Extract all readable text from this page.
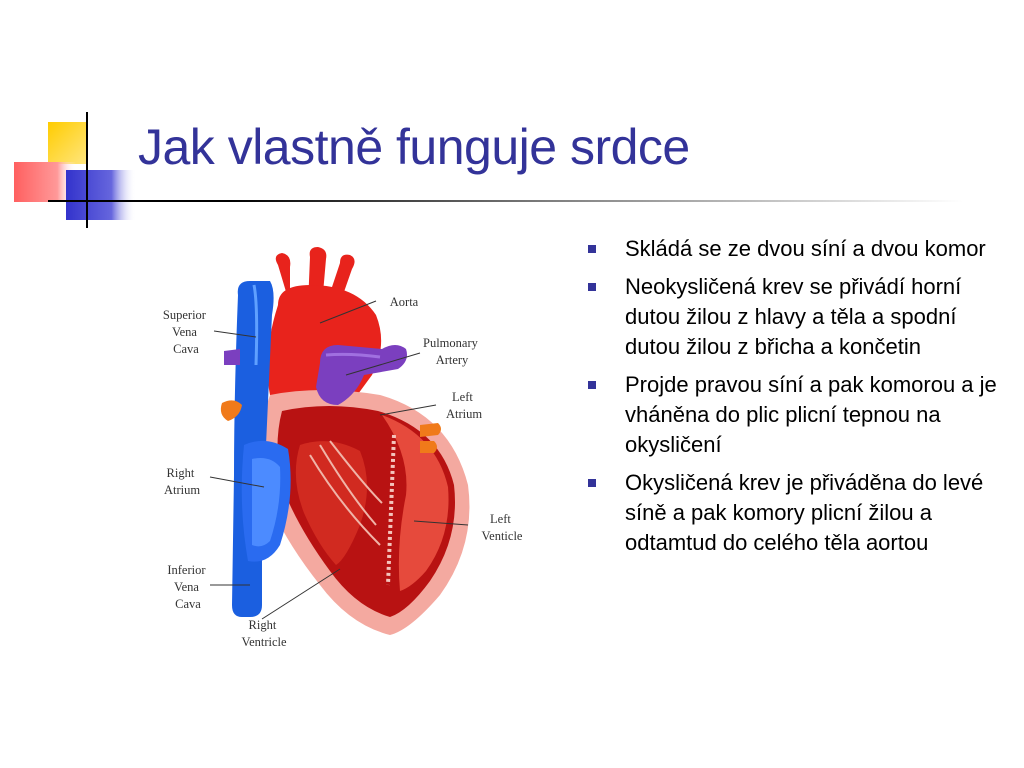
Jak vlastně funguje srdce
Superior Vena Cava
Aorta
Pulmonary Artery
Left Atrium
Right Atrium
Left Venticle
Inferior Vena Cava
Right Ventricle
Skládá se ze dvou síní a dvou komor
Neokysličená krev se přivádí horní dutou žilou z hlavy a těla a spodní dutou žilou z břicha a končetin
Projde pravou síní a pak komorou a je vháněna do plic plicní tepnou na okysličení
Okysličená krev je přiváděna do levé síně a pak komory plicní žilou a odtamtud do celého těla aortou
